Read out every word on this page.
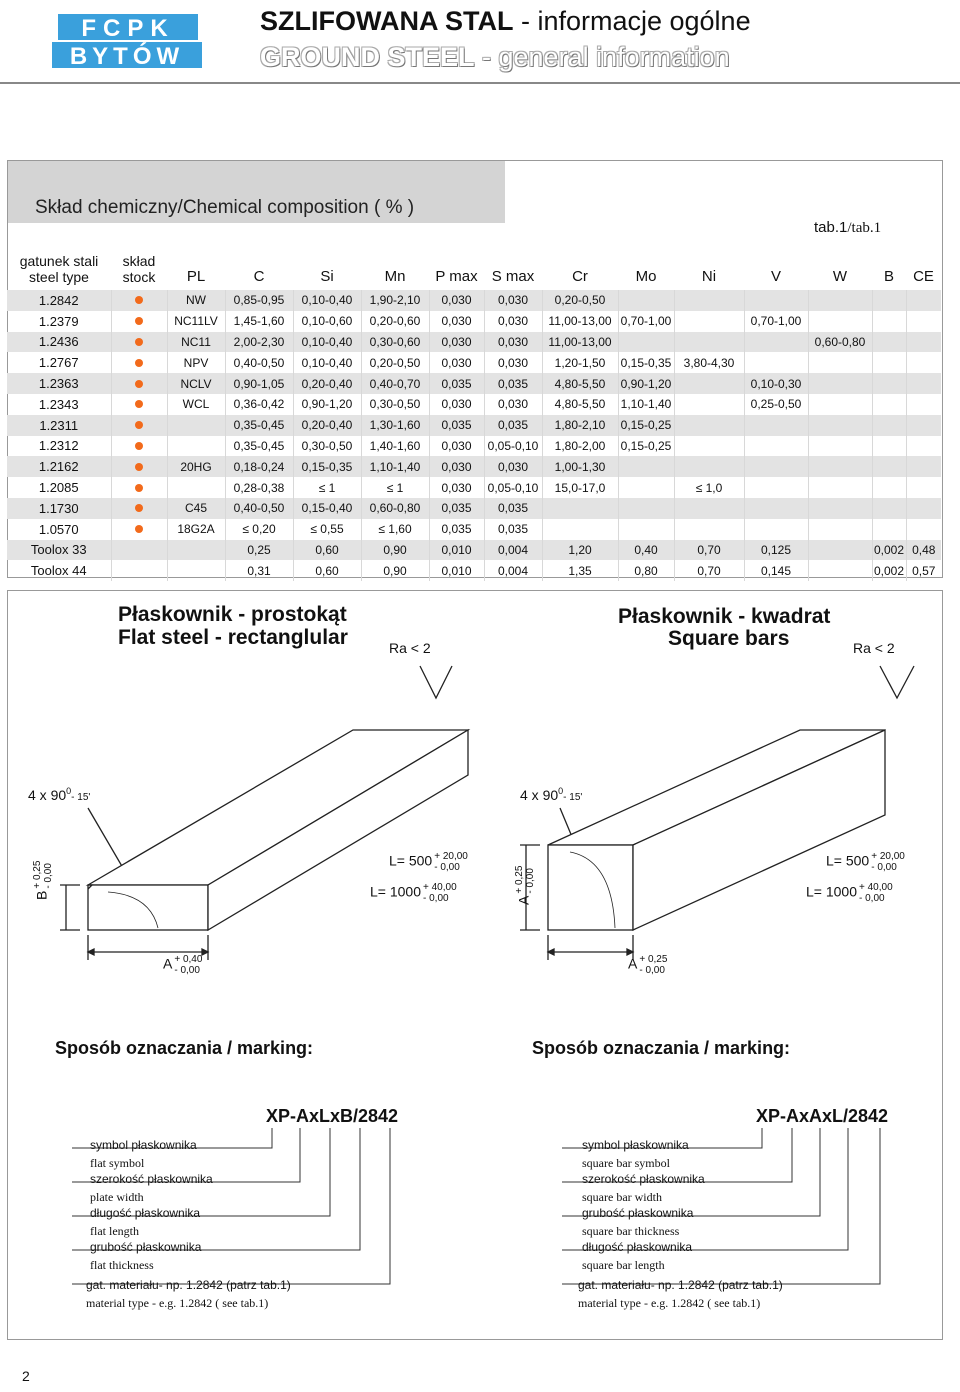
FCPK
BYTÓW
SZLIFOWANA STAL - informacje ogólne
GROUND STEEL - general information
Skład chemiczny/Chemical composition ( % )
tab.1/tab.1
gatunek stali
steel type	skład
stock	PL	C	Si	Mn	P max	S max	Cr	Mo	Ni	V	W	B	CE
1.2842		NW	0,85-0,95	0,10-0,40	1,90-2,10	0,030	0,030	0,20-0,50						
1.2379		NC11LV	1,45-1,60	0,10-0,60	0,20-0,60	0,030	0,030	11,00-13,00	0,70-1,00		0,70-1,00			
1.2436		NC11	2,00-2,30	0,10-0,40	0,30-0,60	0,030	0,030	11,00-13,00				0,60-0,80		
1.2767		NPV	0,40-0,50	0,10-0,40	0,20-0,50	0,030	0,030	1,20-1,50	0,15-0,35	3,80-4,30				
1.2363		NCLV	0,90-1,05	0,20-0,40	0,40-0,70	0,035	0,035	4,80-5,50	0,90-1,20		0,10-0,30			
1.2343		WCL	0,36-0,42	0,90-1,20	0,30-0,50	0,030	0,030	4,80-5,50	1,10-1,40		0,25-0,50			
1.2311			0,35-0,45	0,20-0,40	1,30-1,60	0,035	0,035	1,80-2,10	0,15-0,25					
1.2312			0,35-0,45	0,30-0,50	1,40-1,60	0,030	0,05-0,10	1,80-2,00	0,15-0,25					
1.2162		20HG	0,18-0,24	0,15-0,35	1,10-1,40	0,030	0,030	1,00-1,30						
1.2085			0,28-0,38	≤ 1	≤ 1	0,030	0,05-0,10	15,0-17,0		≤ 1,0				
1.1730		C45	0,40-0,50	0,15-0,40	0,60-0,80	0,035	0,035							
1.0570		18G2A	≤ 0,20	≤ 0,55	≤ 1,60	0,035	0,035							
Toolox 33			0,25	0,60	0,90	0,010	0,004	1,20	0,40	0,70	0,125		0,002	0,48
Toolox 44			0,31	0,60	0,90	0,010	0,004	1,35	0,80	0,70	0,145		0,002	0,57
Płaskownik - prostokąt
Flat steel - rectanglular	Ra < 2
Płaskownik - kwadrat
Square bars	Ra < 2
4 x 900- 15'
L= 500 + 20,00
- 0,00
L= 1000 + 40,00
- 0,00
B+ 0,25
- 0,00
A + 0,40
- 0,00
4 x 900- 15'
L= 500 + 20,00
- 0,00
L= 1000 + 40,00
- 0,00
A+ 0,25
- 0,00
A + 0,25
- 0,00
Sposób oznaczania / marking:	Sposób oznaczania / marking:
XP-AxLxB/2842	XP-AxAxL/2842
symbol płaskownika
flat symbol
szerokość płaskownika
plate width
długość płaskownika
flat length
grubość płaskownika
flat thickness
gat. materiału- np. 1.2842 (patrz tab.1)
material type - e.g. 1.2842 ( see tab.1)
symbol płaskownika
square bar symbol
szerokość płaskownika
square bar width
grubość płaskownika
square bar thickness
długość płaskownika
square bar length
gat. materiału- np. 1.2842 (patrz tab.1)
material type - e.g. 1.2842 ( see tab.1)
2
